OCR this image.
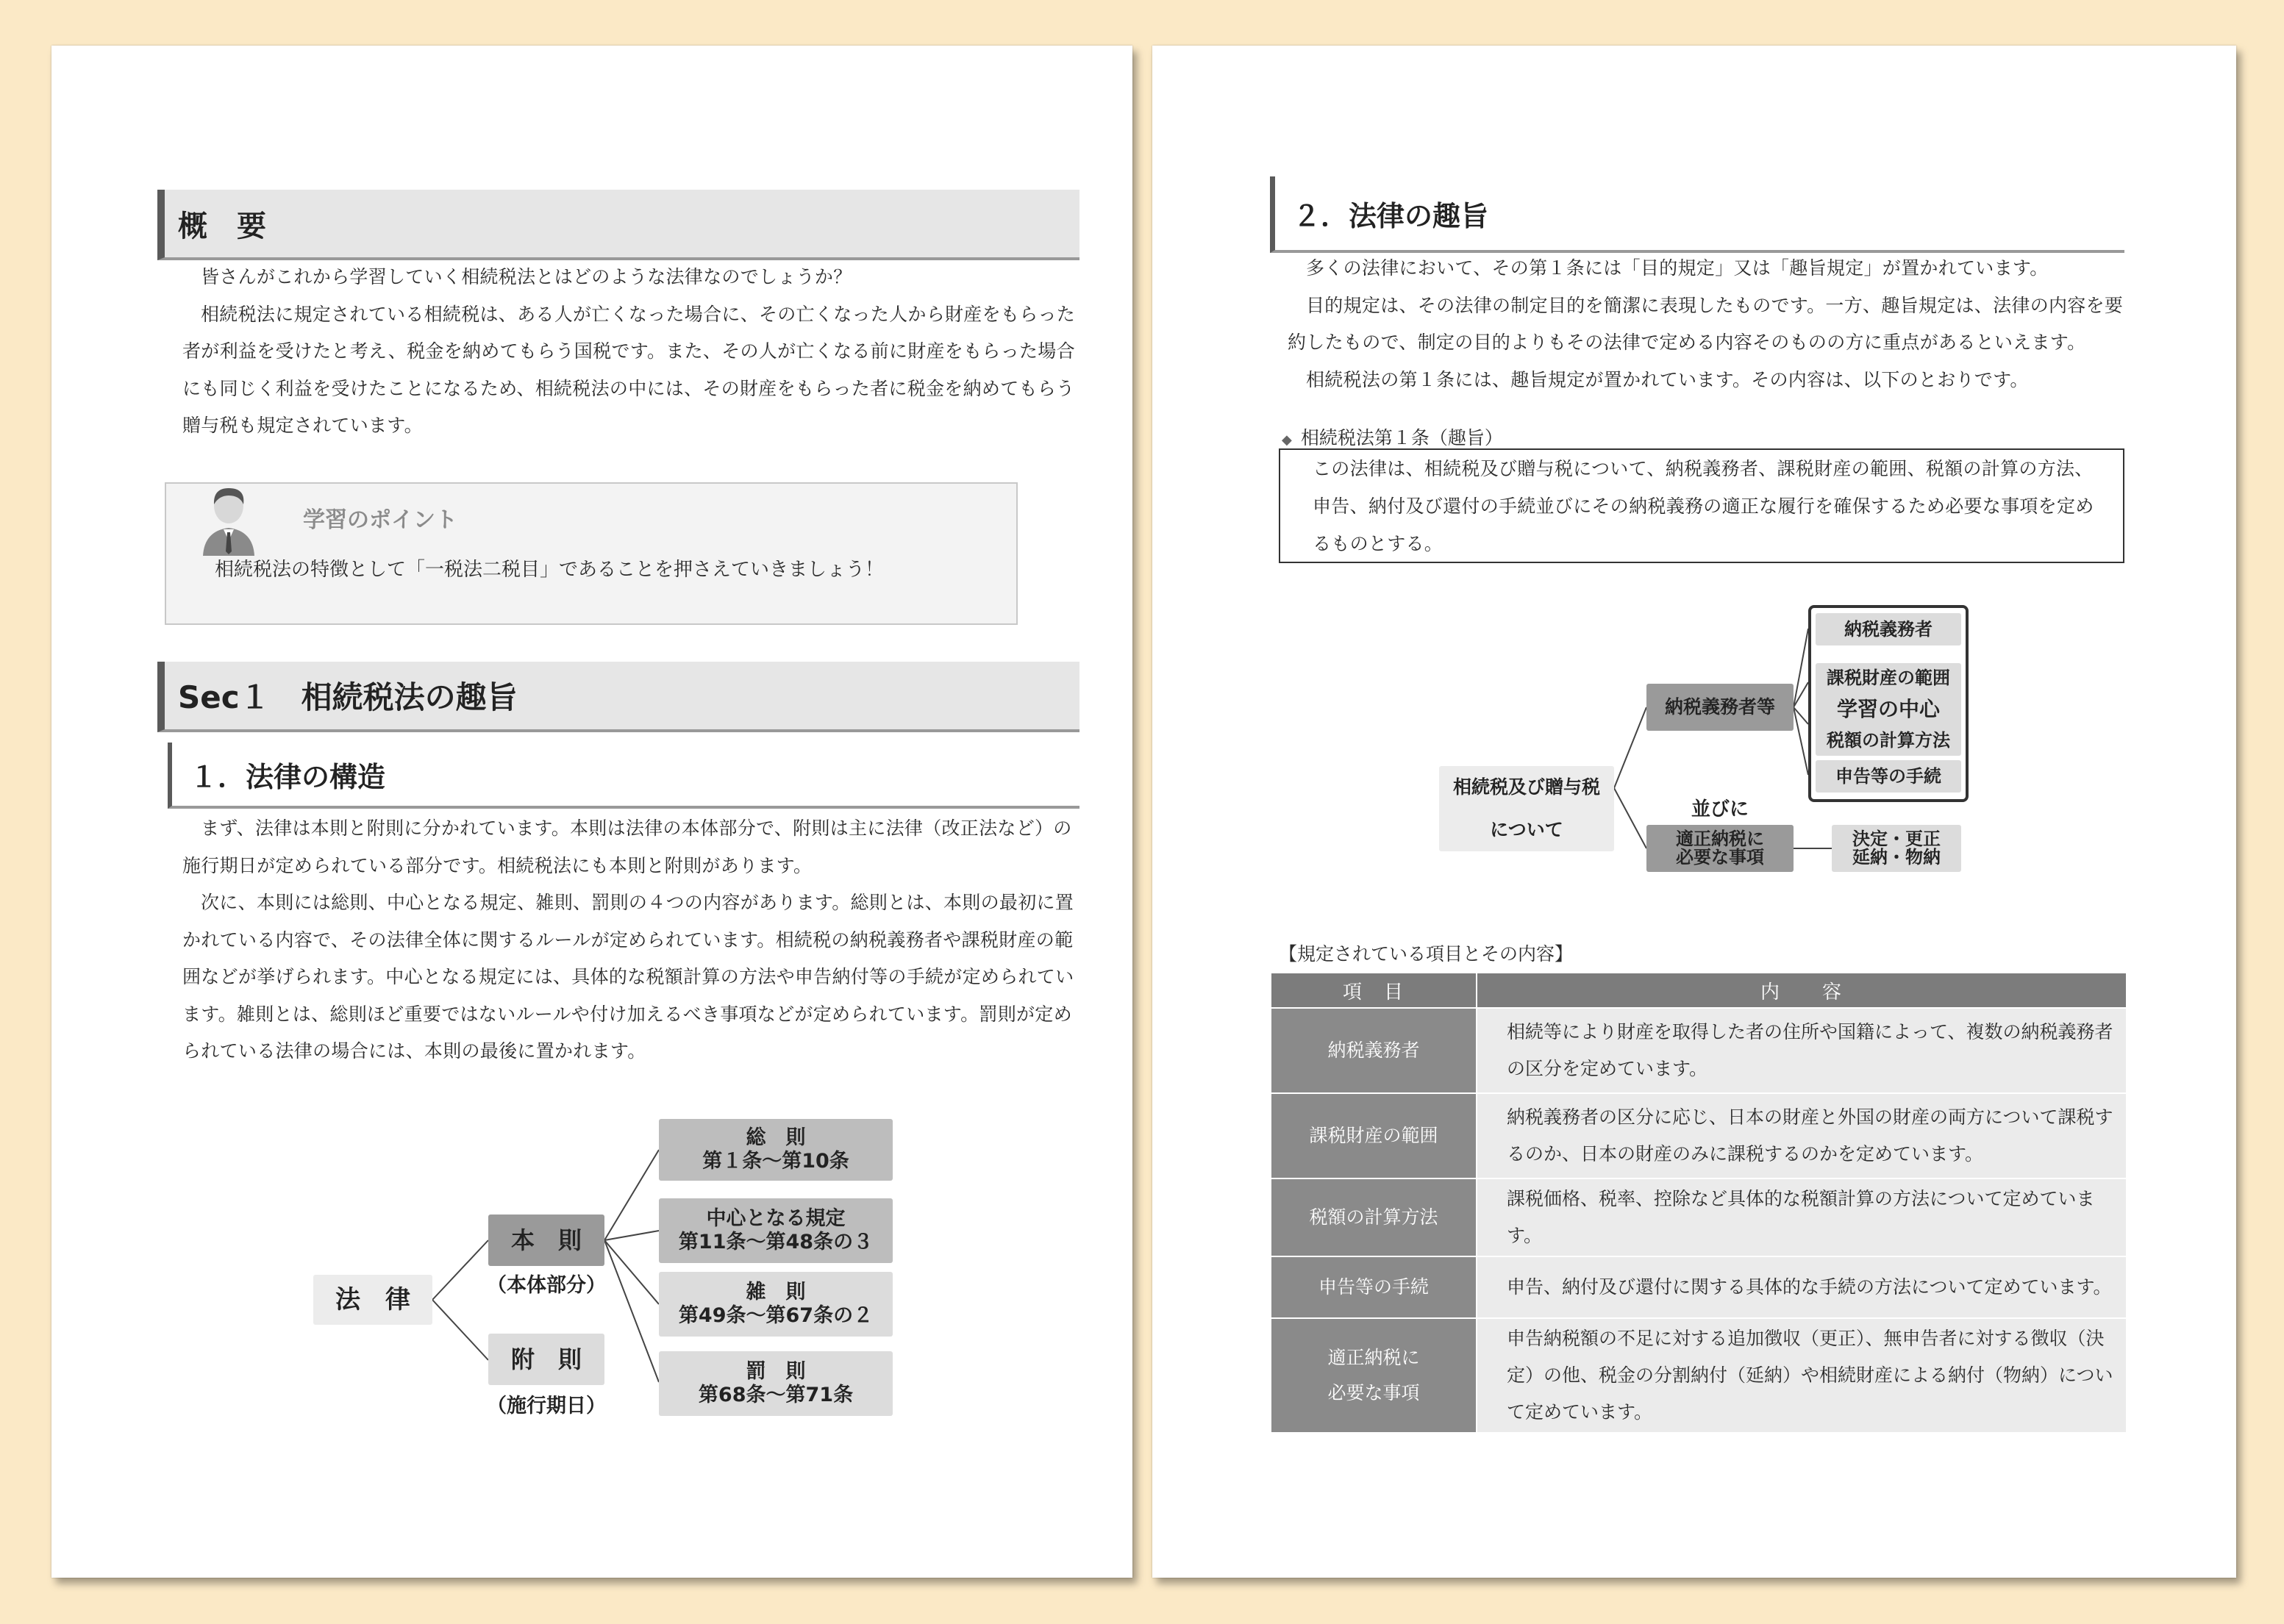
概　要

皆さんがこれから学習していく相続税法とはどのような法律なのでしょうか？

相続税法に規定されている相続税は、ある人が亡くなった場合に、その亡くなった人から財産をもらった者が利益を受けたと考え、税金を納めてもらう国税です。また、その人が亡くなる前に財産をもらった場合にも同じく利益を受けたことになるため、相続税法の中には、その財産をもらった者に税金を納めてもらう贈与税も規定されています。

学習のポイント
相続税法の特徴として「一税法二税目」であることを押さえていきましょう！
Sec１　相続税法の趣旨
１．法律の構造

まず、法律は本則と附則に分かれています。本則は法律の本体部分で、附則は主に法律（改正法など）の施行期日が定められている部分です。相続税法にも本則と附則があります。

次に、本則には総則、中心となる規定、雑則、罰則の４つの内容があります。総則とは、本則の最初に置かれている内容で、その法律全体に関するルールが定められています。相続税の納税義務者や課税財産の範囲などが挙げられます。中心となる規定には、具体的な税額計算の方法や申告納付等の手続が定められています。雑則とは、総則ほど重要ではないルールや付け加えるべき事項などが定められています。罰則が定められている法律の場合には、本則の最後に置かれます。

法　律
本　則
（本体部分）
附　則
（施行期日）
総　則
第１条～第10条
中心となる規定
第11条～第48条の３
雑　則
第49条～第67条の２
罰　則
第68条～第71条
２．法律の趣旨

多くの法律において、その第１条には「目的規定」又は「趣旨規定」が置かれています。

目的規定は、その法律の制定目的を簡潔に表現したものです。一方、趣旨規定は、法律の内容を要約したもので、制定の目的よりもその法律で定める内容そのものの方に重点があるといえます。

相続税法の第１条には、趣旨規定が置かれています。その内容は、以下のとおりです。

◆ 相続税法第１条（趣旨）
この法律は、相続税及び贈与税について、納税義務者、課税財産の範囲、税額の計算の方法、申告、納付及び還付の手続並びにその納税義務の適正な履行を確保するため必要な事項を定めるものとする。
相続税及び贈与税
について
納税義務者等
並びに
適正納税に
必要な事項
納税義務者
課税財産の範囲
学習の中心
税額の計算方法
申告等の手続
決定・更正
延納・物納
【規定されている項目とその内容】
項　目	内　　容
納税義務者	相続等により財産を取得した者の住所や国籍によって、複数の納税義務者の区分を定めています。
課税財産の範囲	納税義務者の区分に応じ、日本の財産と外国の財産の両方について課税するのか、日本の財産のみに課税するのかを定めています。
税額の計算方法	課税価格、税率、控除など具体的な税額計算の方法について定めています。
申告等の手続	申告、納付及び還付に関する具体的な手続の方法について定めています。

適正納税に
必要な事項	申告納税額の不足に対する追加徴収（更正）、無申告者に対する徴収（決定）の他、税金の分割納付（延納）や相続財産による納付（物納）について定めています。
